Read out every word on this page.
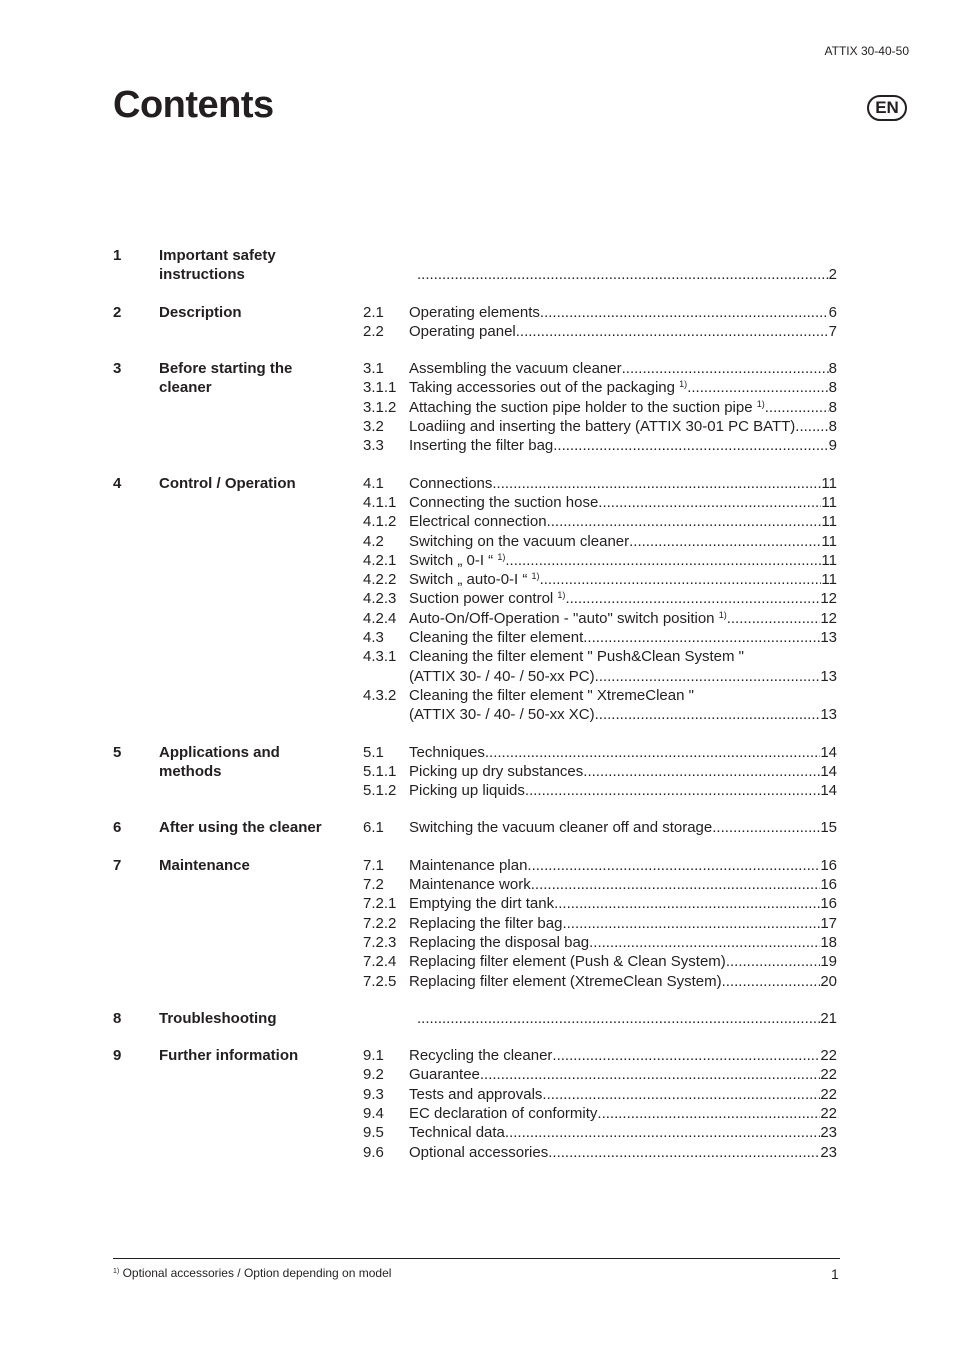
ATTIX 30-40-50
Contents	EN
1	Important safety instructions
.....	2
2	Description	2.1	Operating elements .....	6
2.2	Operating panel .....	7
3	Before starting the cleaner
3.1	Assembling the vacuum cleaner .....	8
3.1.1 Taking accessories out of the packaging $^{1)}$ .....	8
3.1.2 Attaching the suction pipe holder to the suction pipe $^{1)}$ .....	8
3.2	Loadiing and inserting the battery (ATTIX 30-01 PC BATT) ..... 8
3.3	Inserting the filter bag .....	9
4	Control / Operation	4.1	Connections .....	11
4.1.1 Connecting the suction hose .....	11
4.1.2 Electrical connection .....	11
4.2	Switching on the vacuum cleaner .....	11
4.2.1 Switch „ 0-I “ $^{1)}$ .....	11
4.2.2 Switch „ auto-0-I “ $^{1)}$ .....	11
4.2.3 Suction power control $^{1)}$ .....	12
4.2.4 Auto-On/Off-Operation - "auto" switch position $^{1)}$ .....	12
4.3	Cleaning the filter element .....	13
4.3.1 Cleaning the filter element " Push&Clean System "
(ATTIX 30- / 40- / 50-xx PC) .....	13
4.3.2 Cleaning the filter element " XtremeClean "
(ATTIX 30- / 40- / 50-xx XC) .....	13
5	Applications and methods
5.1	Techniques .....	14
5.1.1 Picking up dry substances. .....	14
5.1.2 Picking up liquids. .....	14
6	After using the cleaner	6.1	Switching the vacuum cleaner off and storage .....	15
7	Maintenance	7.1	Maintenance plan .....	16
7.2	Maintenance work .....	16
7.2.1 Emptying the dirt tank .....	16
7.2.2 Replacing the filter bag .....	17
7.2.3 Replacing the disposal bag .....	18
7.2.4 Replacing filter element (Push & Clean System) .....	19
7.2.5 Replacing filter element (XtremeClean System) .....	20
8	Troubleshooting .....	21
9	Further information	9.1	Recycling the cleaner .....	22
9.2	Guarantee .....	22
9.3	Tests and approvals. .....	22
9.4	EC declaration of conformity .....	22
9.5	Technical data .....	23
9.6	Optional accessories .....	23
$^{1)}$ Optional accessories / Option depending on model	1
